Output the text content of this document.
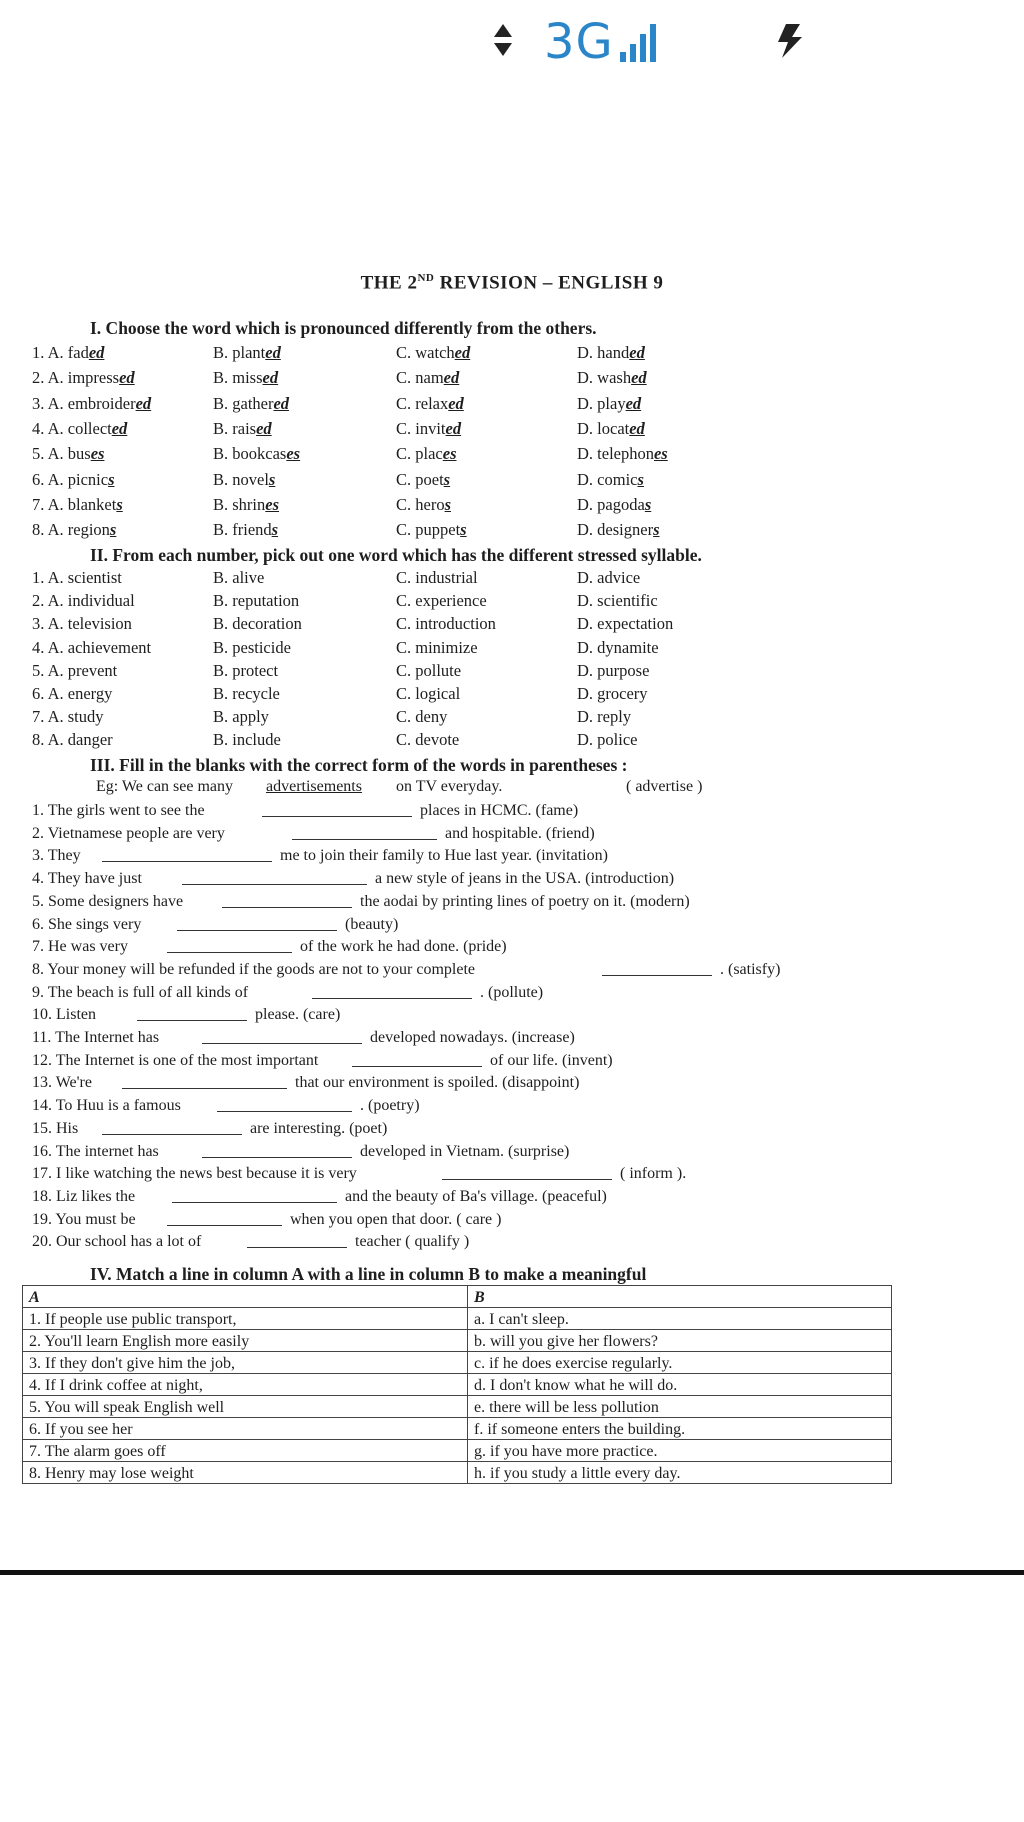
3G
THE 2ND REVISION – ENGLISH 9
I. Choose the word which is pronounced differently from the others.
1. A. faded	B. planted	C. watched	D. handed
2. A. impressed	B. missed	C. named	D. washed
3. A. embroidered	B. gathered	C. relaxed	D. played
4. A. collected	B. raised	C. invited	D. located
5. A. buses	B. bookcases	C. places	D. telephones
6. A. picnics	B. novels	C. poets	D. comics
7. A. blankets	B. shrines	C. heros	D. pagodas
8. A. regions	B. friends	C. puppets	D. designers
II. From each number, pick out one word which has the different stressed syllable.
1. A. scientist	B. alive	C. industrial	D. advice
2. A. individual	B. reputation	C. experience	D. scientific
3. A. television	B. decoration	C. introduction	D. expectation
4. A. achievement	B. pesticide	C. minimize	D. dynamite
5. A. prevent	B. protect	C. pollute	D. purpose
6. A. energy	B. recycle	C. logical	D. grocery
7. A. study	B. apply	C. deny	D. reply
8. A. danger	B. include	C. devote	D. police
III. Fill in the blanks with the correct form of the words in parentheses :
Eg: We can see many advertisements on TV everyday.	( advertise )
1. The girls went to see the	places in HCMC. (fame)
2. Vietnamese people are very	and hospitable. (friend)
3. They	me to join their family to Hue last year. (invitation)
4. They have just	a new style of jeans in the USA. (introduction)
5. Some designers have	the aodai by printing lines of poetry on it. (modern)
6. She sings very	(beauty)
7. He was very	of the work he had done. (pride)
8. Your money will be refunded if the goods are not to your complete	. (satisfy)
9. The beach is full of all kinds of	. (pollute)
10. Listen	please. (care)
11. The Internet has	developed nowadays. (increase)
12. The Internet is one of the most important	of our life. (invent)
13. We're	that our environment is spoiled. (disappoint)
14. To Huu is a famous	. (poetry)
15. His	are interesting. (poet)
16. The internet has	developed in Vietnam. (surprise)
17. I like watching the news best because it is very	( inform ).
18. Liz likes the	and the beauty of Ba's village. (peaceful)
19. You must be	when you open that door. ( care )
20. Our school has a lot of	teacher ( qualify )
IV. Match a line in column A with a line in column B to make a meaningful
A	B
1. If people use public transport,	a. I can't sleep.
2. You'll learn English more easily	b. will you give her flowers?
3. If they don't give him the job,	c. if he does exercise regularly.
4. If I drink coffee at night,	d. I don't know what he will do.
5. You will speak English well	e. there will be less pollution
6. If you see her	f. if someone enters the building.
7. The alarm goes off	g. if you have more practice.
8. Henry may lose weight	h. if you study a little every day.
